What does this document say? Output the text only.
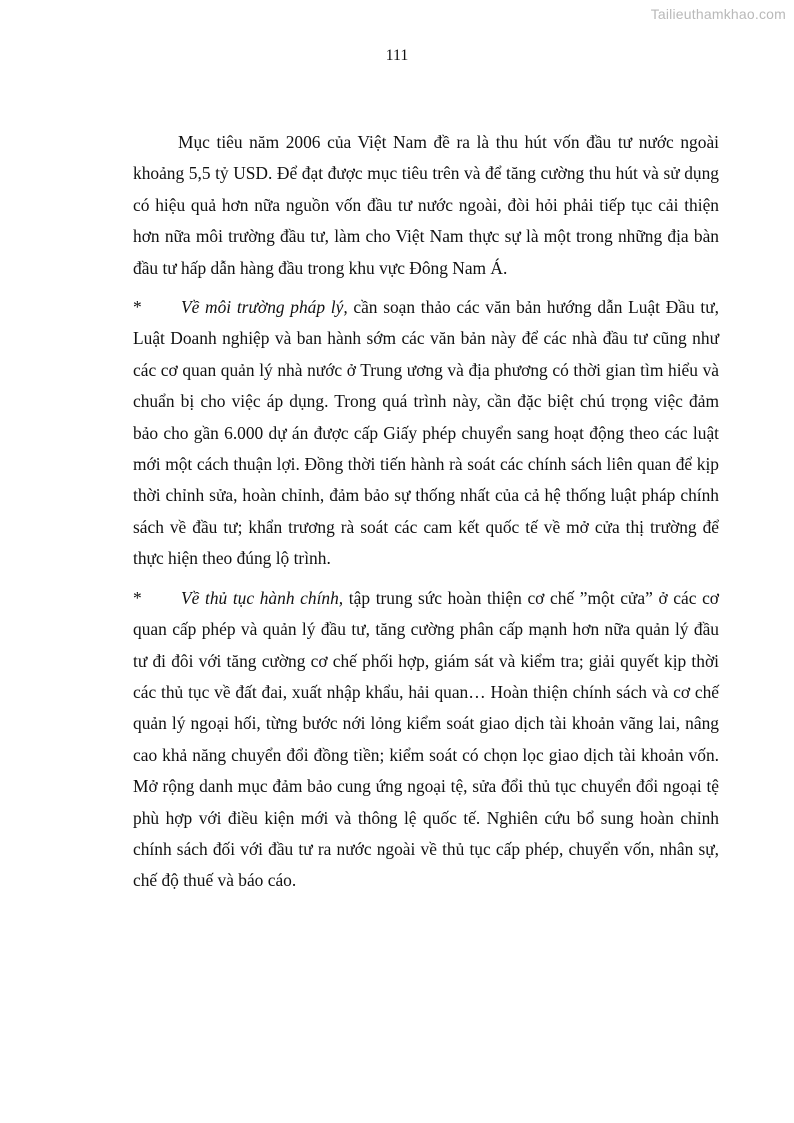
Tailieuthamkhao.com
111

Mục tiêu năm 2006 của Việt Nam đề ra là thu hút vốn đầu tư nước ngoài khoảng 5,5 tỷ USD. Để đạt được mục tiêu trên và để tăng cường thu hút và sử dụng có hiệu quả hơn nữa nguồn vốn đầu tư nước ngoài, đòi hỏi phải tiếp tục cải thiện hơn nữa môi trường đầu tư, làm cho Việt Nam thực sự là một trong những địa bàn đầu tư hấp dẫn hàng đầu trong khu vực Đông Nam Á.

* Về môi trường pháp lý, cần soạn thảo các văn bản hướng dẫn Luật Đầu tư, Luật Doanh nghiệp và ban hành sớm các văn bản này để các nhà đầu tư cũng như các cơ quan quản lý nhà nước ở Trung ương và địa phương có thời gian tìm hiểu và chuẩn bị cho việc áp dụng. Trong quá trình này, cần đặc biệt chú trọng việc đảm bảo cho gần 6.000 dự án được cấp Giấy phép chuyển sang hoạt động theo các luật mới một cách thuận lợi. Đồng thời tiến hành rà soát các chính sách liên quan để kịp thời chỉnh sửa, hoàn chỉnh, đảm bảo sự thống nhất của cả hệ thống luật pháp chính sách về đầu tư; khẩn trương rà soát các cam kết quốc tế về mở cửa thị trường để thực hiện theo đúng lộ trình.

* Về thủ tục hành chính, tập trung sức hoàn thiện cơ chế ”một cửa” ở các cơ quan cấp phép và quản lý đầu tư, tăng cường phân cấp mạnh hơn nữa quản lý đầu tư đi đôi với tăng cường cơ chế phối hợp, giám sát và kiểm tra; giải quyết kịp thời các thủ tục về đất đai, xuất nhập khẩu, hải quan… Hoàn thiện chính sách và cơ chế quản lý ngoại hối, từng bước nới lỏng kiểm soát giao dịch tài khoản vãng lai, nâng cao khả năng chuyển đổi đồng tiền; kiểm soát có chọn lọc giao dịch tài khoản vốn. Mở rộng danh mục đảm bảo cung ứng ngoại tệ, sửa đổi thủ tục chuyển đổi ngoại tệ phù hợp với điều kiện mới và thông lệ quốc tế. Nghiên cứu bổ sung hoàn chỉnh chính sách đối với đầu tư ra nước ngoài về thủ tục cấp phép, chuyển vốn, nhân sự, chế độ thuế và báo cáo.
